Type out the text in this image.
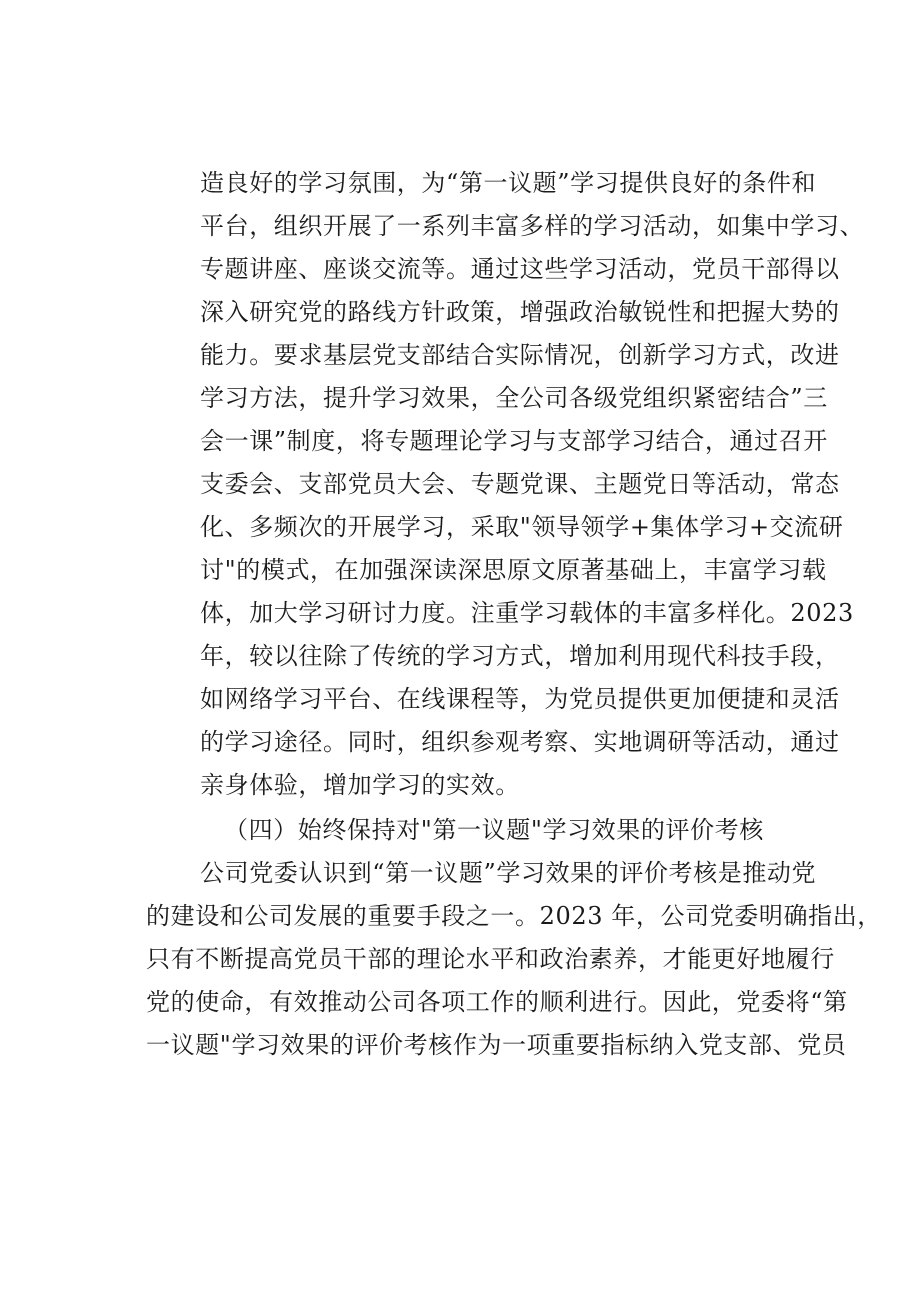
造良好的学习氛围，为“第一议题”学习提供良好的条件和

平台，组织开展了一系列丰富多样的学习活动，如集中学习、

专题讲座、座谈交流等。通过这些学习活动，党员干部得以

深入研究党的路线方针政策，增强政治敏锐性和把握大势的

能力。要求基层党支部结合实际情况，创新学习方式，改进

学习方法，提升学习效果，全公司各级党组织紧密结合”三

会一课”制度，将专题理论学习与支部学习结合，通过召开

支委会、支部党员大会、专题党课、主题党日等活动，常态

化、多频次的开展学习，采取"领导领学+集体学习+交流研

讨"的模式，在加强深读深思原文原著基础上，丰富学习载

体，加大学习研讨力度。注重学习载体的丰富多样化。2023

年，较以往除了传统的学习方式，增加利用现代科技手段，

如网络学习平台、在线课程等，为党员提供更加便捷和灵活

的学习途径。同时，组织参观考察、实地调研等活动，通过

亲身体验，增加学习的实效。

（四）始终保持对"第一议题"学习效果的评价考核

公司党委认识到“第一议题”学习效果的评价考核是推动党

的建设和公司发展的重要手段之一。2023 年，公司党委明确指出，

只有不断提高党员干部的理论水平和政治素养，才能更好地履行

党的使命，有效推动公司各项工作的顺利进行。因此，党委将“第

一议题"学习效果的评价考核作为一项重要指标纳入党支部、党员
